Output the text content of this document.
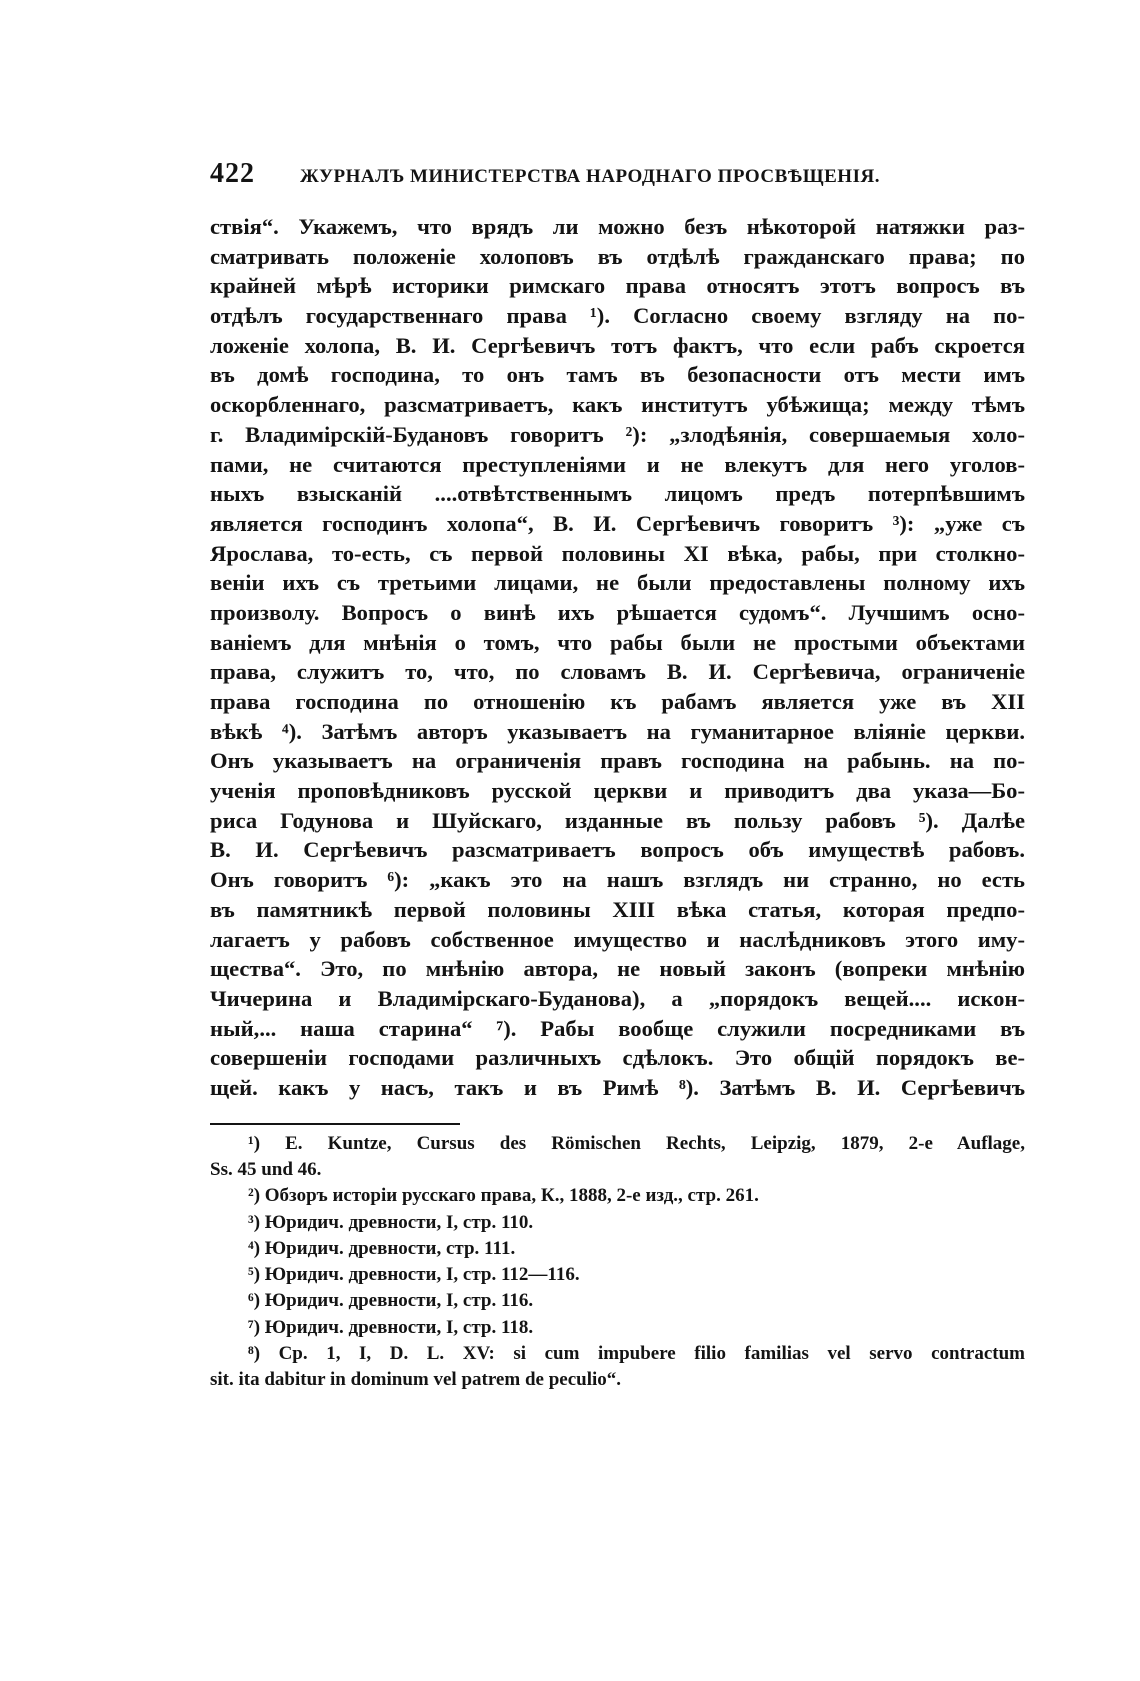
422	ЖУРНАЛЪ МИНИСТЕРСТВА НАРОДНАГО ПРОСВѢЩЕНІЯ.
ствія“. Укажемъ, что врядъ ли можно безъ нѣкоторой натяжки раз-
сматривать положеніе холоповъ въ отдѣлѣ гражданскаго права; по
крайней мѣрѣ историки римскаго права относятъ этотъ вопросъ въ
отдѣлъ государственнаго права ¹). Согласно своему взгляду на по-
ложеніе холопа, В. И. Сергѣевичъ тотъ фактъ, что если рабъ скроется
въ домѣ господина, то онъ тамъ въ безопасности отъ мести имъ
оскорбленнаго, разсматриваетъ, какъ институтъ убѣжища; между тѣмъ
г. Владимірскій-Будановъ говоритъ ²): „злодѣянія, совершаемыя холо-
пами, не считаются преступленіями и не влекутъ для него уголов-
ныхъ взысканій ....отвѣтственнымъ лицомъ предъ потерпѣвшимъ
является господинъ холопа“, В. И. Сергѣевичъ говоритъ ³): „уже съ
Ярослава, то-есть, съ первой половины XI вѣка, рабы, при столкно-
веніи ихъ съ третьими лицами, не были предоставлены полному ихъ
произволу. Вопросъ о винѣ ихъ рѣшается судомъ“. Лучшимъ осно-
ваніемъ для мнѣнія о томъ, что рабы были не простыми объектами
права, служитъ то, что, по словамъ В. И. Сергѣевича, ограниченіе
права господина по отношенію къ рабамъ является уже въ XII
вѣкѣ ⁴). Затѣмъ авторъ указываетъ на гуманитарное вліяніе церкви.
Онъ указываетъ на ограниченія правъ господина на рабынь. на по-
ученія проповѣдниковъ русской церкви и приводитъ два указа—Бо-
риса Годунова и Шуйскаго, изданные въ пользу рабовъ ⁵). Далѣе
В. И. Сергѣевичъ разсматриваетъ вопросъ объ имуществѣ рабовъ.
Онъ говоритъ ⁶): „какъ это на нашъ взглядъ ни странно, но есть
въ памятникѣ первой половины XIII вѣка статья, которая предпо-
лагаетъ у рабовъ собственное имущество и наслѣдниковъ этого иму-
щества“. Это, по мнѣнію автора, не новый законъ (вопреки мнѣнію
Чичерина и Владимірскаго-Буданова), а „порядокъ вещей.... искон-
ный,... наша старина“ ⁷). Рабы вообще служили посредниками въ
совершеніи господами различныхъ сдѣлокъ. Это общій порядокъ ве-
щей. какъ у насъ, такъ и въ Римѣ ⁸). Затѣмъ В. И. Сергѣевичъ
¹) E. Kuntze, Cursus des Römischen Rechts, Leipzig, 1879, 2-e Auflage,
Ss. 45 und 46.
²) Обзоръ исторіи русскаго права, К., 1888, 2-е изд., стр. 261.
³) Юридич. древности, I, стр. 110.
⁴) Юридич. древности, стр. 111.
⁵) Юридич. древности, I, стр. 112—116.
⁶) Юридич. древности, I, стр. 116.
⁷) Юридич. древности, I, стр. 118.
⁸) Cp. 1, I, D. L. XV: si cum impubere filio familias vel servo contractum
sit. ita dabitur in dominum vel patrem de peculio“.
